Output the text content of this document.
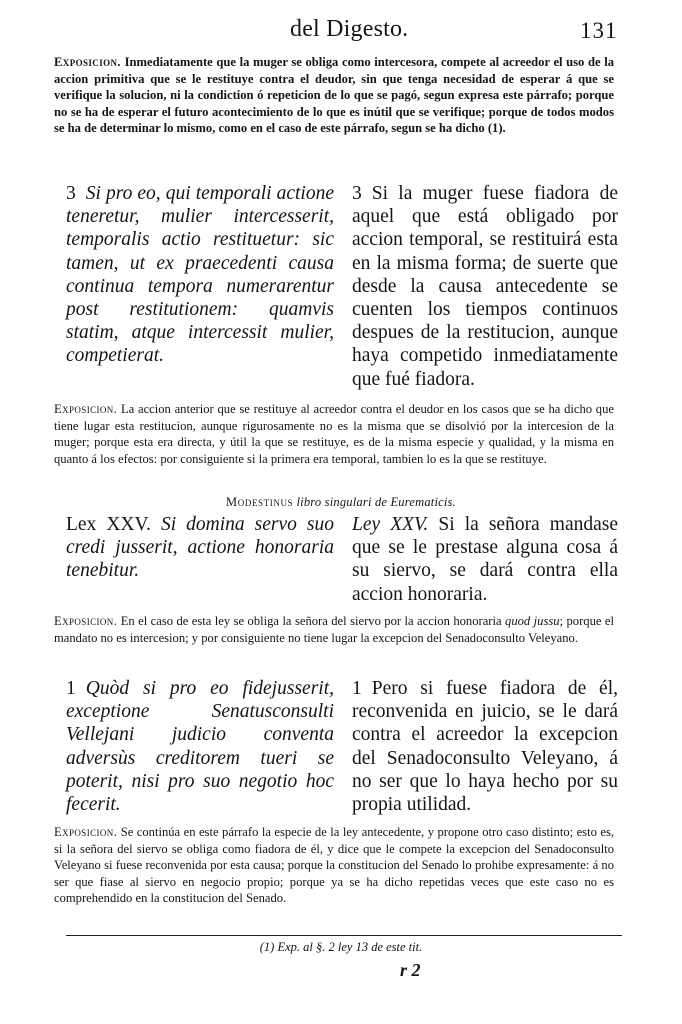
del Digesto.	131

Exposicion. Inmediatamente que la muger se obliga como intercesora, compete al acreedor el uso de la accion primitiva que se le restituye contra el deudor, sin que tenga necesidad de esperar á que se verifique la solucion, ni la condiction ó repeticion de lo que se pagó, segun expresa este párrafo; porque no se ha de esperar el futuro acontecimiento de lo que es inútil que se verifique; porque de todos modos se ha de determinar lo mismo, como en el caso de este párrafo, segun se ha dicho (1).

3 Si pro eo, qui temporali actione teneretur, mulier intercesserit, temporalis actio restituetur: sic tamen, ut ex praecedenti causa continua tempora numerarentur post restitutionem: quamvis statim, atque intercessit mulier, competierat.

3 Si la muger fuese fiadora de aquel que está obligado por accion temporal, se restituirá esta en la misma forma; de suerte que desde la causa antecedente se cuenten los tiempos continuos despues de la restitucion, aunque haya competido inmediatamente que fué fiadora.

Exposicion. La accion anterior que se restituye al acreedor contra el deudor en los casos que se ha dicho que tiene lugar esta restitucion, aunque rigurosamente no es la misma que se disolvió por la intercesion de la muger; porque esta era directa, y útil la que se restituye, es de la misma especie y qualidad, y la misma en quanto á los efectos: por consiguiente si la primera era temporal, tambien lo es la que se restituye.

Modestinus libro singulari de Eurematicis.

Lex XXV. Si domina servo suo credi jusserit, actione honoraria tenebitur.

Ley XXV. Si la señora mandase que se le prestase alguna cosa á su siervo, se dará contra ella accion honoraria.

Exposicion. En el caso de esta ley se obliga la señora del siervo por la accion honoraria quod jussu; porque el mandato no es intercesion; y por consiguiente no tiene lugar la excepcion del Senadoconsulto Veleyano.

1 Quòd si pro eo fidejusserit, exceptione Senatusconsulti Vellejani judicio conventa adversùs creditorem tueri se poterit, nisi pro suo negotio hoc fecerit.

1 Pero si fuese fiadora de él, reconvenida en juicio, se le dará contra el acreedor la excepcion del Senadoconsulto Veleyano, á no ser que lo haya hecho por su propia utilidad.

Exposicion. Se continúa en este párrafo la especie de la ley antecedente, y propone otro caso distinto; esto es, si la señora del siervo se obliga como fiadora de él, y dice que le compete la excepcion del Senadoconsulto Veleyano si fuese reconvenida por esta causa; porque la constitucion del Senado lo prohibe expresamente: á no ser que fiase al siervo en negocio propio; porque ya se ha dicho repetidas veces que este caso no es comprehendido en la constitucion del Senado.

(1) Exp. al §. 2 ley 13 de este tit.
r 2
